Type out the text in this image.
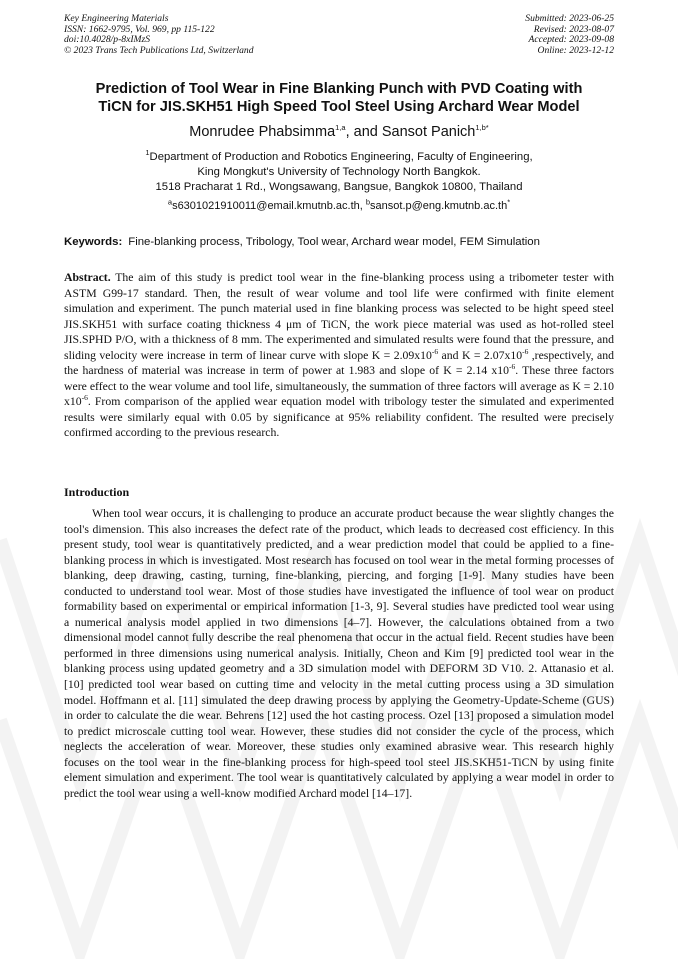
Key Engineering Materials
ISSN: 1662-9795, Vol. 969, pp 115-122
doi:10.4028/p-8xIMzS
© 2023 Trans Tech Publications Ltd, Switzerland
Submitted: 2023-06-25
Revised: 2023-08-07
Accepted: 2023-09-08
Online: 2023-12-12
Prediction of Tool Wear in Fine Blanking Punch with PVD Coating with
TiCN for JIS.SKH51 High Speed Tool Steel Using Archard Wear Model
Monrudee Phabsimma$^{1,a}$, and Sansot Panich$^{1,b*}$
$^1$Department of Production and Robotics Engineering, Faculty of Engineering,
King Mongkut's University of Technology North Bangkok.
1518 Pracharat 1 Rd., Wongsawang, Bangsue, Bangkok 10800, Thailand
$^a$s6301021910011@email.kmutnb.ac.th, $^b$sansot.p@eng.kmutnb.ac.th*
Keywords: Fine-blanking process, Tribology, Tool wear, Archard wear model, FEM Simulation
Abstract. The aim of this study is predict tool wear in the fine-blanking process using a tribometer tester with ASTM G99-17 standard. Then, the result of wear volume and tool life were confirmed with finite element simulation and experiment. The punch material used in fine blanking process was selected to be hight speed steel JIS.SKH51 with surface coating thickness 4 μm of TiCN, the work piece material was used as hot-rolled steel JIS.SPHD P/O, with a thickness of 8 mm. The experimented and simulated results were found that the pressure, and sliding velocity were increase in term of linear curve with slope $K = 2.09x10^{-6}$ and $K = 2.07x10^{-6}$ ,respectively, and the hardness of material was increase in term of power at 1.983 and slope of K = 2.14 $x10^{-6}$. These three factors were effect to the wear volume and tool life, simultaneously, the summation of three factors will average as K = 2.10 $x10^{-6}$. From comparison of the applied wear equation model with tribology tester the simulated and experimented results were similarly equal with 0.05 by significance at 95% reliability confident. The resulted were precisely confirmed according to the previous research.
Introduction
When tool wear occurs, it is challenging to produce an accurate product because the wear slightly changes the tool's dimension. This also increases the defect rate of the product, which leads to decreased cost efficiency. In this present study, tool wear is quantitatively predicted, and a wear prediction model that could be applied to a fine-blanking process in which is investigated. Most research has focused on tool wear in the metal forming processes of blanking, deep drawing, casting, turning, fine-blanking, piercing, and forging [1-9]. Many studies have been conducted to understand tool wear. Most of those studies have investigated the influence of tool wear on product formability based on experimental or empirical information [1-3, 9]. Several studies have predicted tool wear using a numerical analysis model applied in two dimensions [4–7]. However, the calculations obtained from a two dimensional model cannot fully describe the real phenomena that occur in the actual field. Recent studies have been performed in three dimensions using numerical analysis. Initially, Cheon and Kim [9] predicted tool wear in the blanking process using updated geometry and a 3D simulation model with DEFORM 3D V10. 2. Attanasio et al. [10] predicted tool wear based on cutting time and velocity in the metal cutting process using a 3D simulation model. Hoffmann et al. [11] simulated the deep drawing process by applying the Geometry-Update-Scheme (GUS) in order to calculate the die wear. Behrens [12] used the hot casting process. Ozel [13] proposed a simulation model to predict microscale cutting tool wear. However, these studies did not consider the cycle of the process, which neglects the acceleration of wear. Moreover, these studies only examined abrasive wear. This research highly focuses on the tool wear in the fine-blanking process for high-speed tool steel JIS.SKH51-TiCN by using finite element simulation and experiment. The tool wear is quantitatively calculated by applying a wear model in order to predict the tool wear using a well-know modified Archard model [14–17].
